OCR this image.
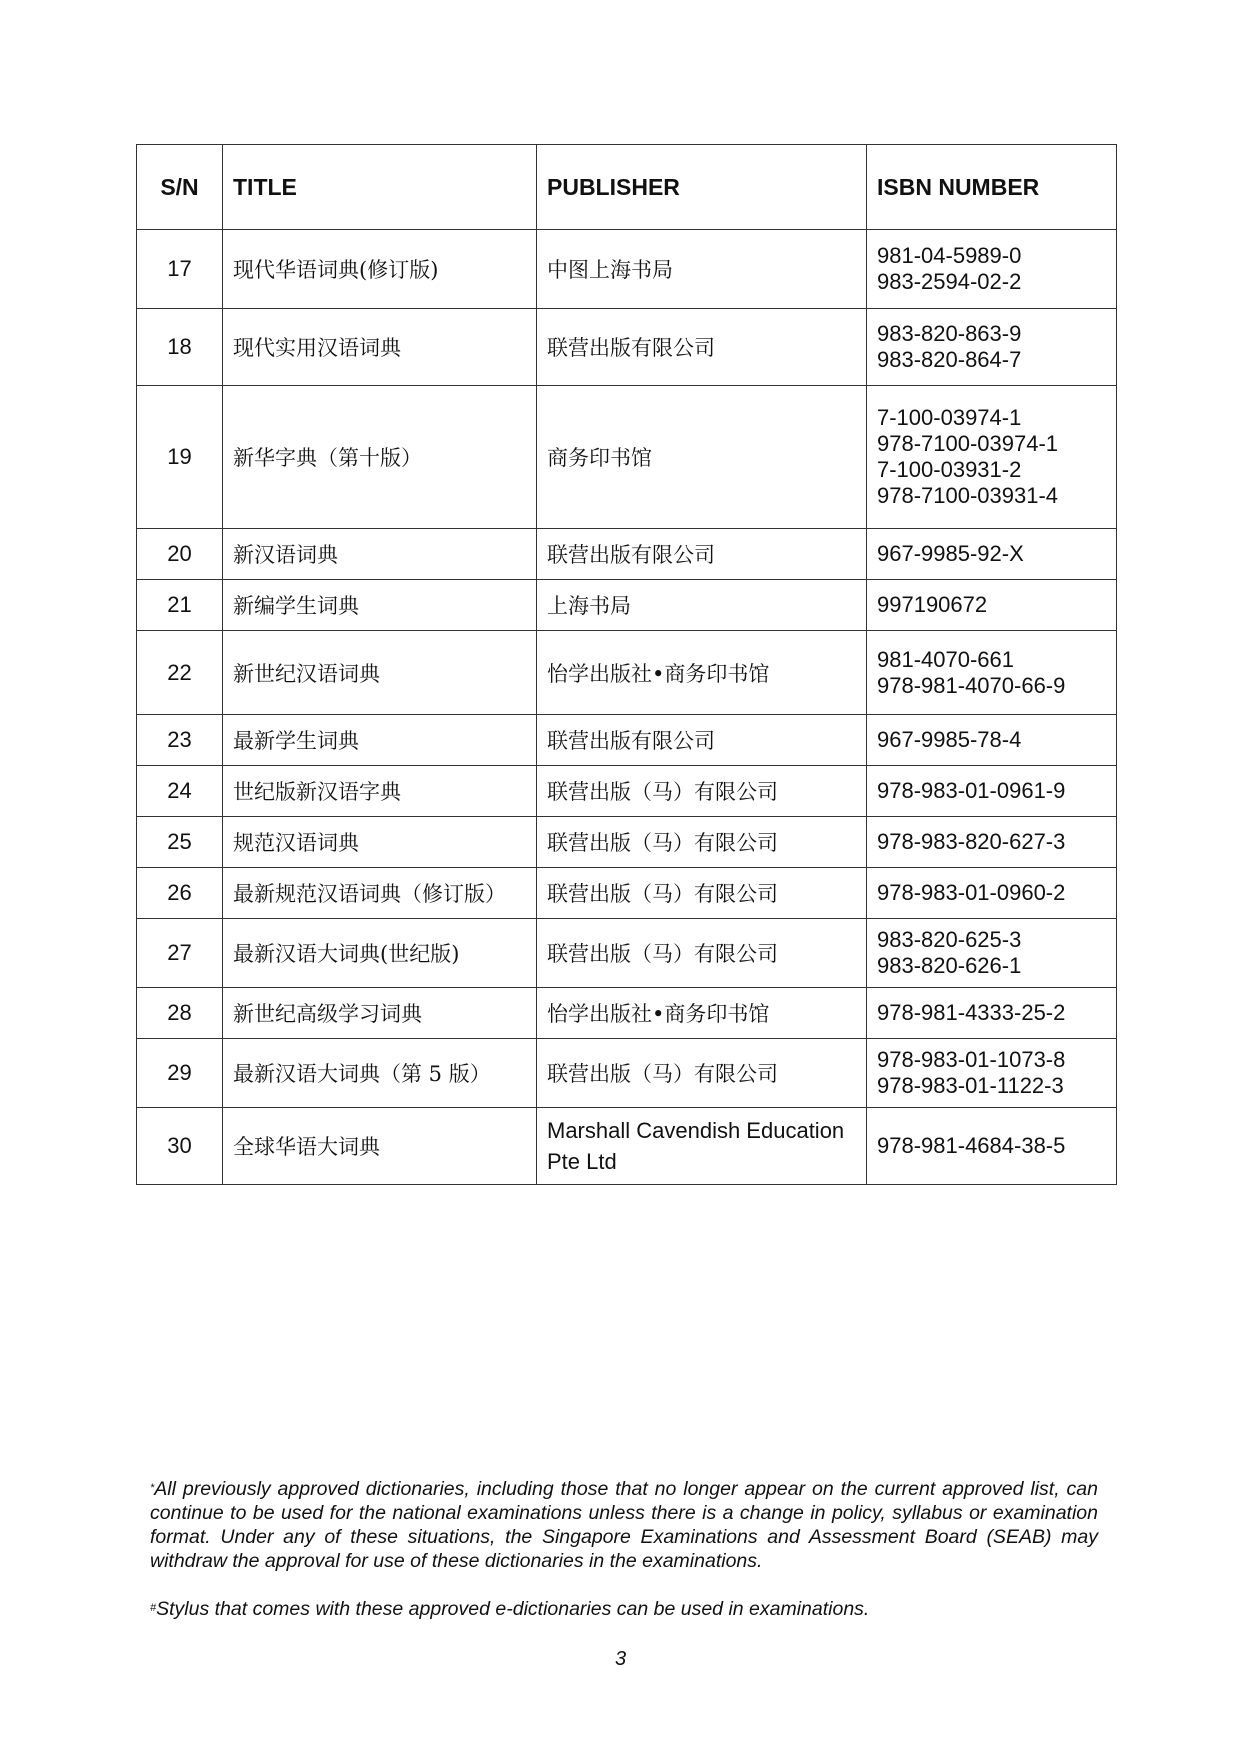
S/N	TITLE	PUBLISHER	ISBN NUMBER
17	现代华语词典(修订版)	中图上海书局	981-04-5989-0
983-2594-02-2

18	现代实用汉语词典	联营出版有限公司	983-820-863-9
983-820-864-7

19	新华字典（第十版）	商务印书馆	7-100-03974-1
978-7100-03974-1
7-100-03931-2
978-7100-03931-4

20	新汉语词典	联营出版有限公司	967-9985-92-X

21	新编学生词典	上海书局	997190672

22	新世纪汉语词典	怡学出版社•商务印书馆	981-4070-661
978-981-4070-66-9

23	最新学生词典	联营出版有限公司	967-9985-78-4

24	世纪版新汉语字典	联营出版（马）有限公司	978-983-01-0961-9

25	规范汉语词典	联营出版（马）有限公司	978-983-820-627-3

26	最新规范汉语词典（修订版）	联营出版（马）有限公司	978-983-01-0960-2

27	最新汉语大词典(世纪版)	联营出版（马）有限公司	983-820-625-3
983-820-626-1

28	新世纪高级学习词典	怡学出版社•商务印书馆	978-981-4333-25-2

29	最新汉语大词典（第 5 版）	联营出版（马）有限公司	978-983-01-1073-8
978-983-01-1122-3

30	全球华语大词典	Marshall Cavendish Education Pte Ltd	978-981-4684-38-5

*All previously approved dictionaries, including those that no longer appear on the current approved list, can continue to be used for the national examinations unless there is a change in policy, syllabus or examination format. Under any of these situations, the Singapore Examinations and Assessment Board (SEAB) may withdraw the approval for use of these dictionaries in the examinations.

#Stylus that comes with these approved e-dictionaries can be used in examinations.

3
